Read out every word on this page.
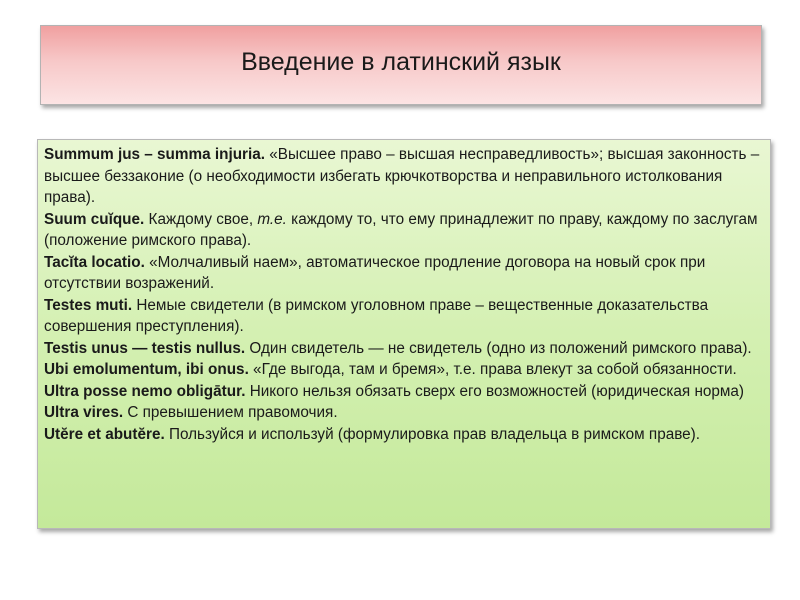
Введение в латинский язык

Summum jus – summa injuria. «Высшее право – высшая несправедливость»; высшая законность – высшее беззаконие (о необходимости избегать крючкотворства и неправильного истолкования права).

Suum cuĭque. Каждому свое, т.е. каждому то, что ему принадлежит по праву, каждому по заслугам (положение римского права).

Tacĭta locatio. «Молчаливый наем», автоматическое продление договора на новый срок при отсутствии возражений.

Testes muti. Немые свидетели (в римском уголовном праве – вещественные доказательства совершения преступления).

Testis unus — testis nullus. Один свидетель — не свидетель (одно из положений римского права).

Ubi emolumentum, ibi onus. «Где выгода, там и бремя», т.е. права влекут за собой обязанности.

Ultra posse nemo obligātur. Никого нельзя обязать сверх его возможностей (юридическая норма)

Ultra vires. С превышением правомочия.

Utĕre et abutĕre. Пользуйся и используй (формулировка прав владельца в римском праве).
